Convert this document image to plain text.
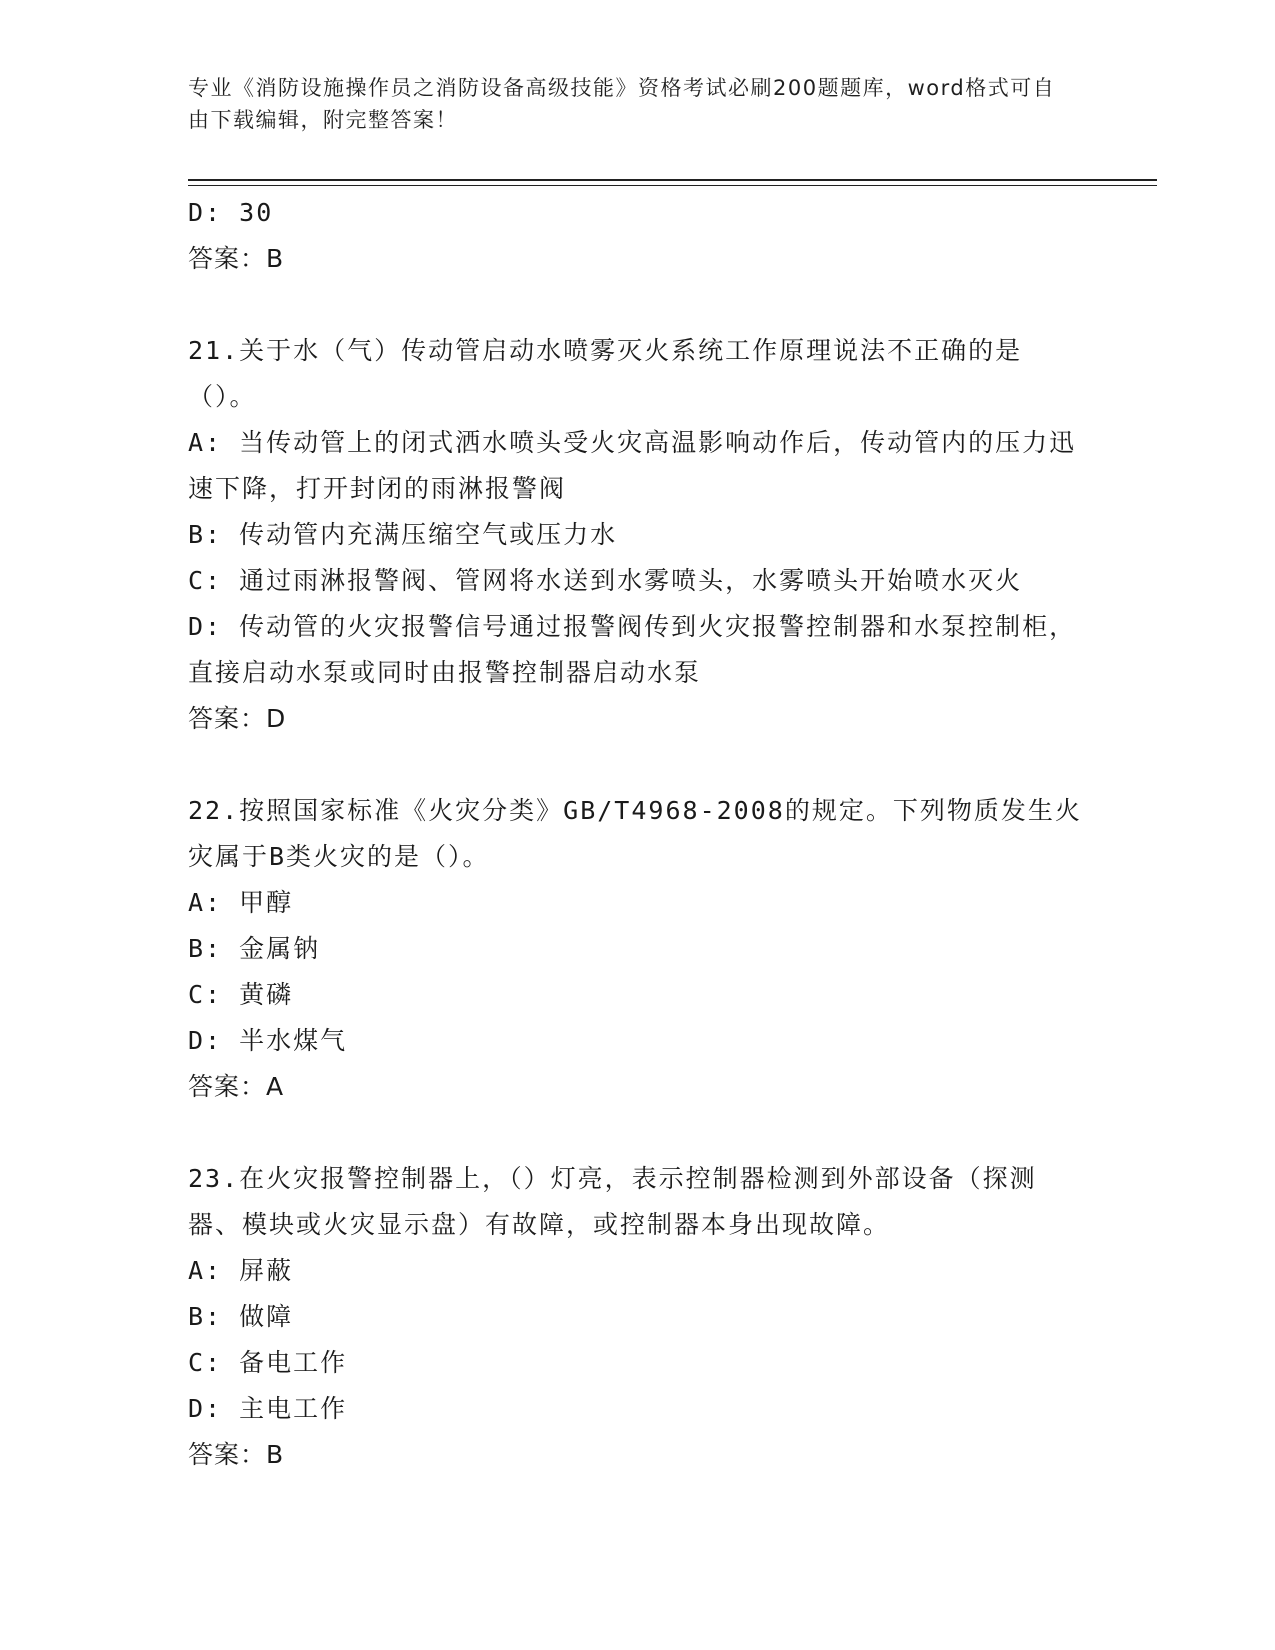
专业《消防设施操作员之消防设备高级技能》资格考试必刷200题题库，word格式可自由下载编辑，附完整答案！
D: 30
答案：B
21.关于水（气）传动管启动水喷雾灭火系统工作原理说法不正确的是（）。
A: 当传动管上的闭式洒水喷头受火灾高温影响动作后，传动管内的压力迅速下降，打开封闭的雨淋报警阀
B: 传动管内充满压缩空气或压力水
C: 通过雨淋报警阀、管网将水送到水雾喷头，水雾喷头开始喷水灭火
D: 传动管的火灾报警信号通过报警阀传到火灾报警控制器和水泵控制柜，直接启动水泵或同时由报警控制器启动水泵
答案：D
22.按照国家标准《火灾分类》GB/T4968-2008的规定。下列物质发生火灾属于B类火灾的是（）。
A: 甲醇
B: 金属钠
C: 黄磷
D: 半水煤气
答案：A
23.在火灾报警控制器上，（）灯亮，表示控制器检测到外部设备（探测器、模块或火灾显示盘）有故障，或控制器本身出现故障。
A: 屏蔽
B: 做障
C: 备电工作
D: 主电工作
答案：B
